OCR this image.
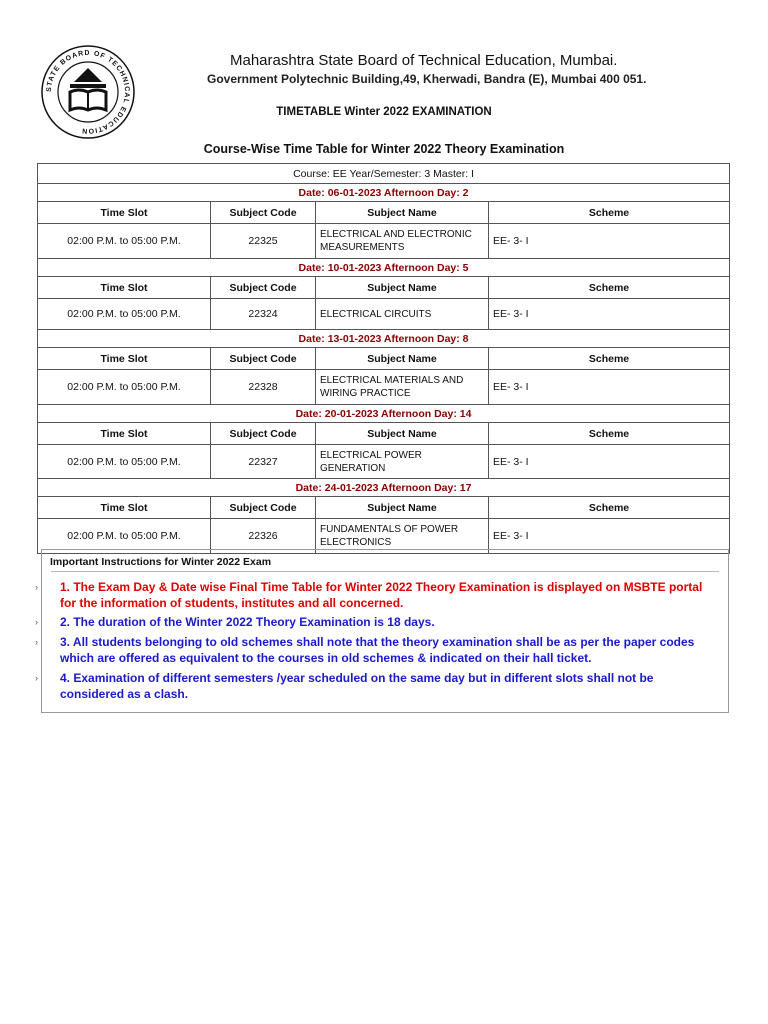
STATE BOARD OF TECHNICAL EDUCATION
Maharashtra State Board of Technical Education, Mumbai.
Government Polytechnic Building,49, Kherwadi, Bandra (E), Mumbai 400 051.
TIMETABLE Winter 2022 EXAMINATION
Course-Wise Time Table for Winter 2022 Theory Examination
Course: EE Year/Semester: 3 Master: I			
Date: 06-01-2023 Afternoon Day: 2			
Time Slot	Subject Code	Subject Name	Scheme
02:00 P.M. to 05:00 P.M.	22325	ELECTRICAL AND ELECTRONIC MEASUREMENTS	EE- 3- I
Date: 10-01-2023 Afternoon Day: 5			
Time Slot	Subject Code	Subject Name	Scheme
02:00 P.M. to 05:00 P.M.	22324	ELECTRICAL CIRCUITS	EE- 3- I
Date: 13-01-2023 Afternoon Day: 8			
Time Slot	Subject Code	Subject Name	Scheme
02:00 P.M. to 05:00 P.M.	22328	ELECTRICAL MATERIALS AND WIRING PRACTICE	EE- 3- I
Date: 20-01-2023 Afternoon Day: 14			
Time Slot	Subject Code	Subject Name	Scheme
02:00 P.M. to 05:00 P.M.	22327	ELECTRICAL POWER GENERATION	EE- 3- I
Date: 24-01-2023 Afternoon Day: 17			
Time Slot	Subject Code	Subject Name	Scheme
02:00 P.M. to 05:00 P.M.	22326	FUNDAMENTALS OF POWER ELECTRONICS	EE- 3- I
Important Instructions for Winter 2022 Exam
1. The Exam Day & Date wise Final Time Table for Winter 2022 Theory Examination is displayed on MSBTE portal for the information of students, institutes and all concerned.
2. The duration of the Winter 2022 Theory Examination is 18 days.
3. All students belonging to old schemes shall note that the theory examination shall be as per the paper codes which are offered as equivalent to the courses in old schemes & indicated on their hall ticket.
4. Examination of different semesters /year scheduled on the same day but in different slots shall not be considered as a clash.
›
›
›
›
